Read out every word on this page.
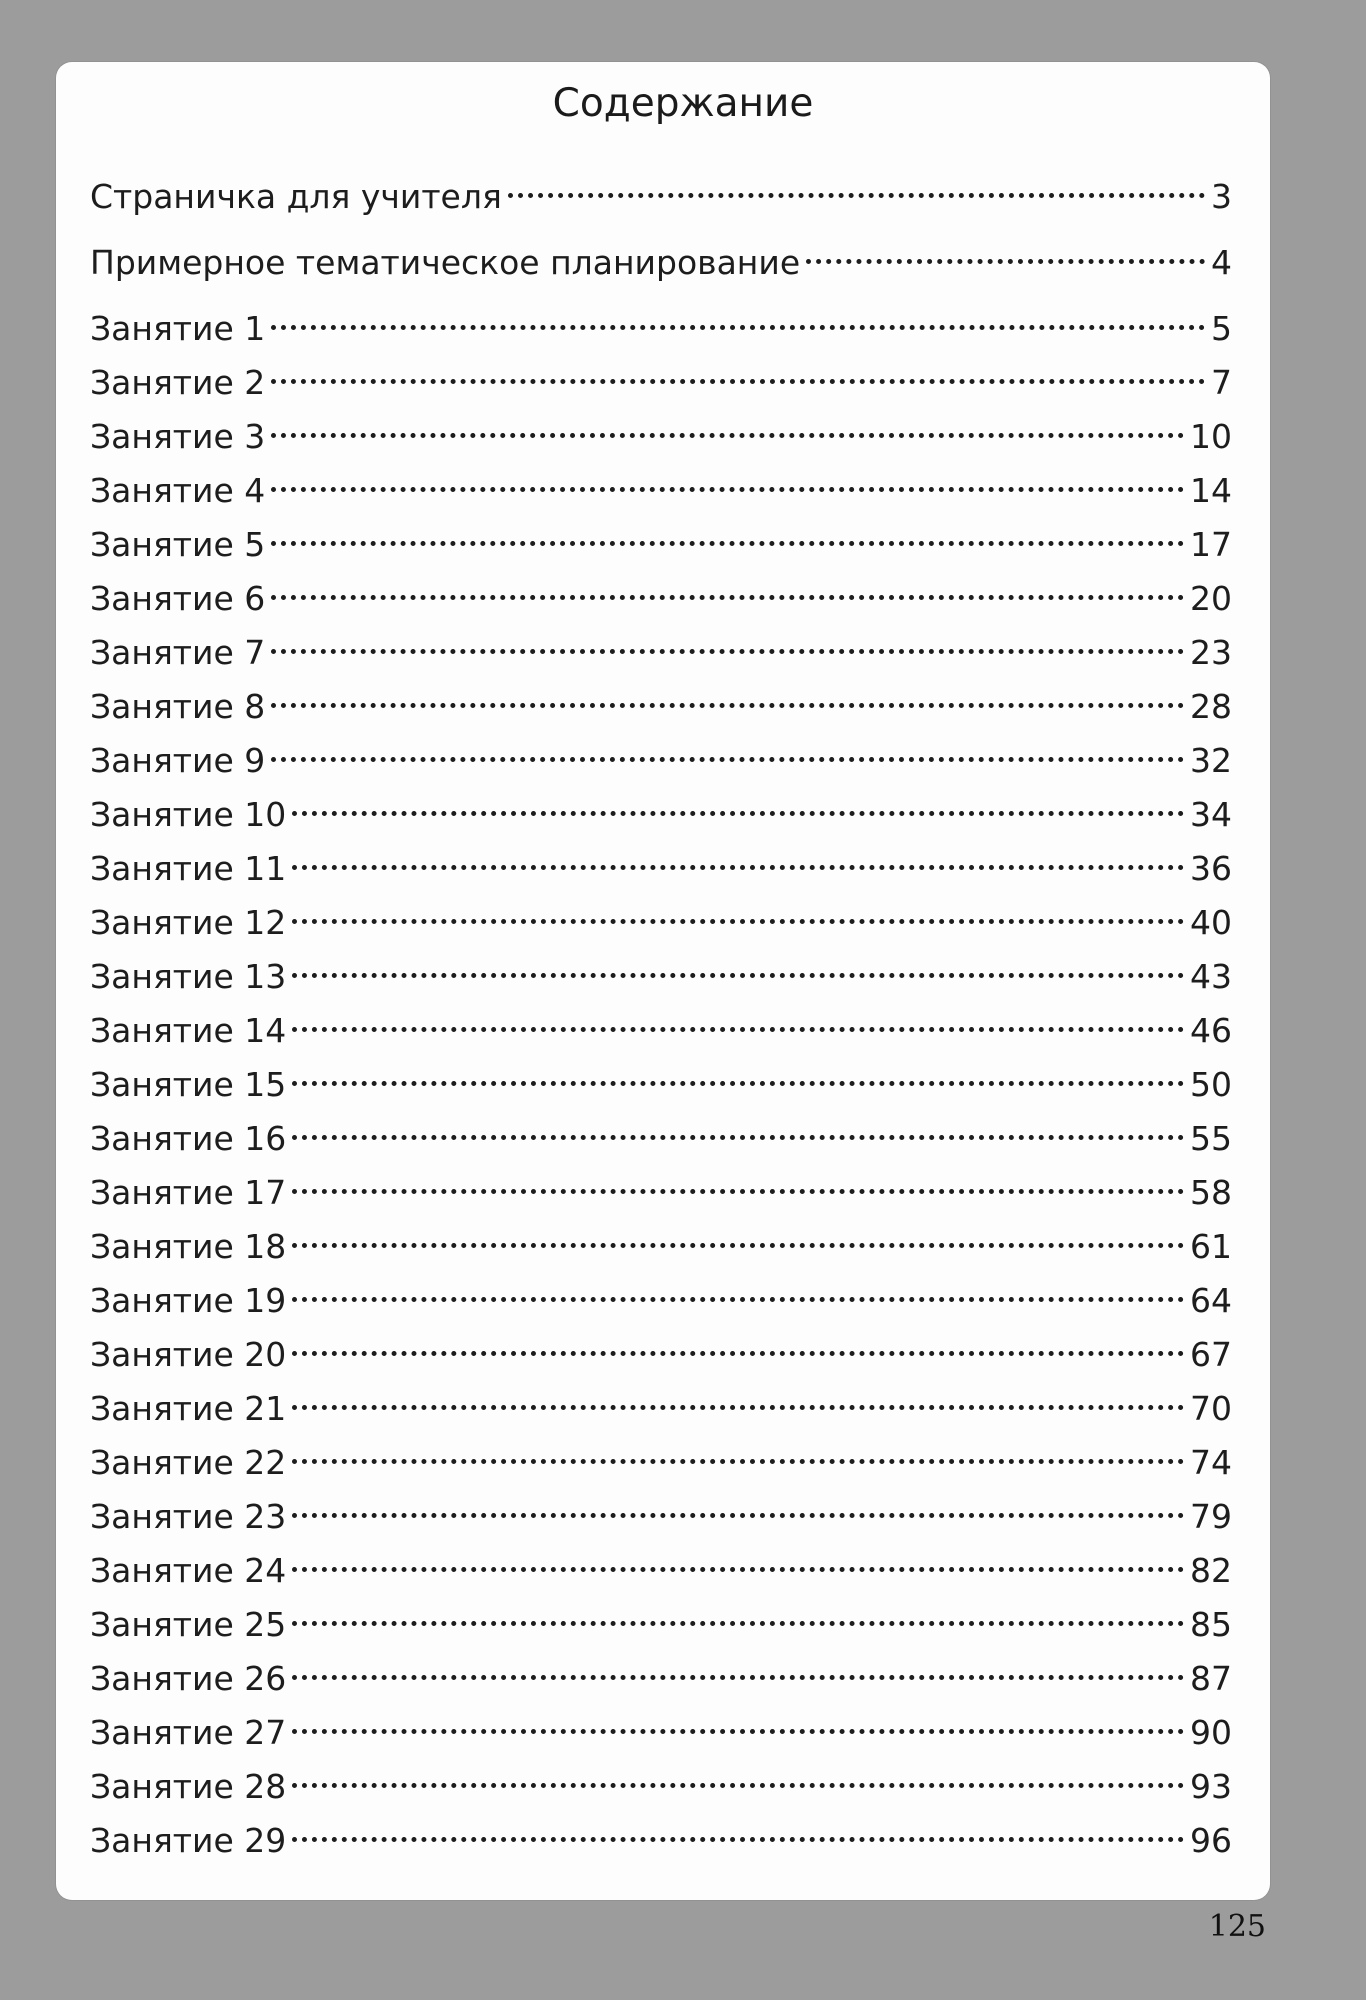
Содержание
Страничка для учителя	3
Примерное тематическое планирование	4
Занятие 1	5
Занятие 2	7
Занятие 3	10
Занятие 4	14
Занятие 5	17
Занятие 6	20
Занятие 7	23
Занятие 8	28
Занятие 9	32
Занятие 10	34
Занятие 11	36
Занятие 12	40
Занятие 13	43
Занятие 14	46
Занятие 15	50
Занятие 16	55
Занятие 17	58
Занятие 18	61
Занятие 19	64
Занятие 20	67
Занятие 21	70
Занятие 22	74
Занятие 23	79
Занятие 24	82
Занятие 25	85
Занятие 26	87
Занятие 27	90
Занятие 28	93
Занятие 29	96
125
